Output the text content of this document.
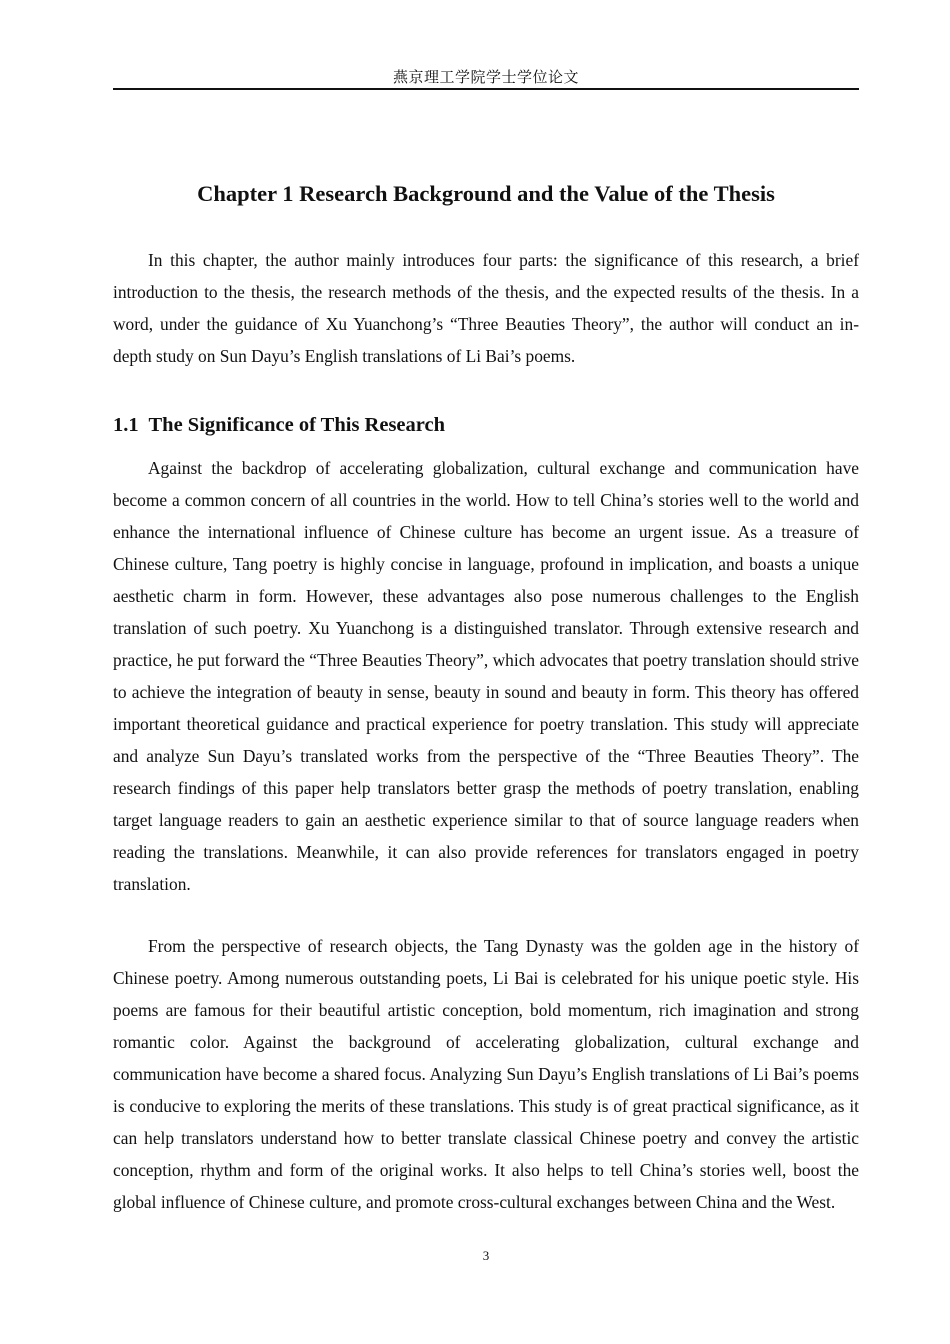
燕京理工学院学士学位论文
Chapter 1 Research Background and the Value of the Thesis

In this chapter, the author mainly introduces four parts: the significance of this research, a brief introduction to the thesis, the research methods of the thesis, and the expected results of the thesis. In a word, under the guidance of Xu Yuanchong’s “Three Beauties Theory”, the author will conduct an in-depth study on Sun Dayu’s English translations of Li Bai’s poems.

1.1  The Significance of This Research

Against the backdrop of accelerating globalization, cultural exchange and communication have become a common concern of all countries in the world. How to tell China’s stories well to the world and enhance the international influence of Chinese culture has become an urgent issue. As a treasure of Chinese culture, Tang poetry is highly concise in language, profound in implication, and boasts a unique aesthetic charm in form. However, these advantages also pose numerous challenges to the English translation of such poetry. Xu Yuanchong is a distinguished translator. Through extensive research and practice, he put forward the “Three Beauties Theory”, which advocates that poetry translation should strive to achieve the integration of beauty in sense, beauty in sound and beauty in form. This theory has offered important theoretical guidance and practical experience for poetry translation. This study will appreciate and analyze Sun Dayu’s translated works from the perspective of the “Three Beauties Theory”. The research findings of this paper help translators better grasp the methods of poetry translation, enabling target language readers to gain an aesthetic experience similar to that of source language readers when reading the translations. Meanwhile, it can also provide references for translators engaged in poetry translation.

From the perspective of research objects, the Tang Dynasty was the golden age in the history of Chinese poetry. Among numerous outstanding poets, Li Bai is celebrated for his unique poetic style. His poems are famous for their beautiful artistic conception, bold momentum, rich imagination and strong romantic color. Against the background of accelerating globalization, cultural exchange and communication have become a shared focus. Analyzing Sun Dayu’s English translations of Li Bai’s poems is conducive to exploring the merits of these translations. This study is of great practical significance, as it can help translators understand how to better translate classical Chinese poetry and convey the artistic conception, rhythm and form of the original works. It also helps to tell China’s stories well, boost the global influence of Chinese culture, and promote cross-cultural exchanges between China and the West.

3
